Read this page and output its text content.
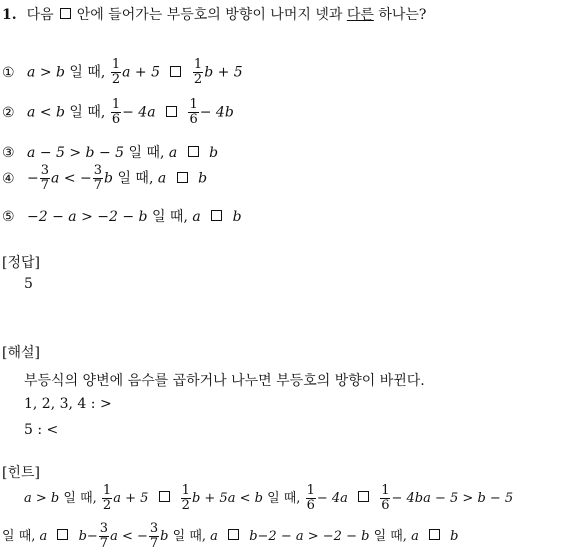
1. 다음 안에 들어가는 부등호의 방향이 나머지 넷과 다른 하나는?
① a > b 일 때, $\frac{1}{2}$ a + 5	$\frac{1}{2}$ b + 5
② a < b 일 때, $\frac{1}{6} - 4a$	$\frac{1}{6} - 4b$
③ a − 5 > b − 5 일 때, a b
④ − $\frac{3}{7}$ a < − $\frac{3}{7}$ b 일 때, a b
⑤ −2 − a > −2 − b 일 때, a b
[정답]
5
[해설]
부등식의 양변에 음수를 곱하거나 나누면 부등호의 방향이 바뀐다.
1, 2, 3, 4 : >
5 : <
[힌트]
a > b 일 때, $\frac{1}{2}$ $a + 5 \frac{1}{2}$ b + 5a < b 일 때, $\frac{1}{6} - 4a \frac{1}{6} - 4ba - 5 > b - 5$
일 때, a $b- \frac{3}{7}$ a < − $\frac{3}{7}$ b 일 때, a b−2 − a > −2 − b 일 때, a b
